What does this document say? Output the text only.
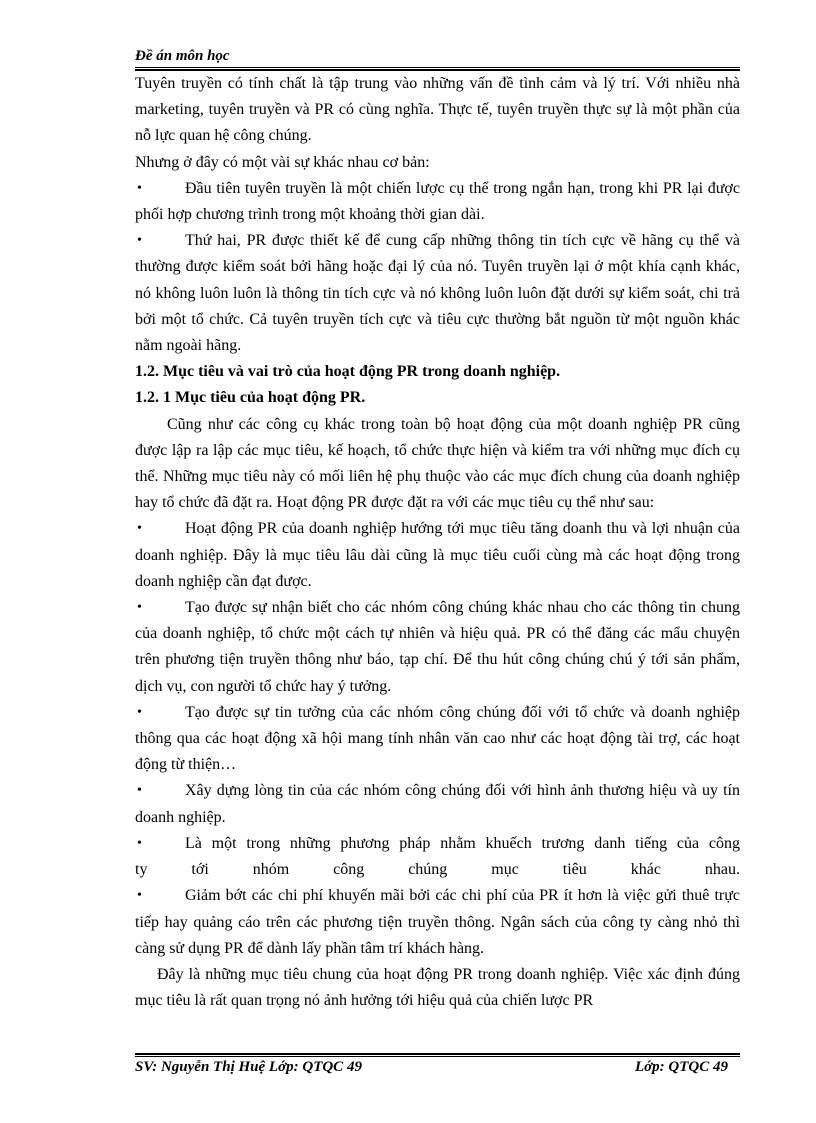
Đề án môn học

Tuyên truyền có tính chất là tập trung vào những vấn đề tình cảm và lý trí. Với nhiều nhà marketing, tuyên truyền và PR có cùng nghĩa. Thực tế, tuyên truyền thực sự là một phần của nỗ lực quan hệ công chúng.

Nhưng ở đây có một vài sự khác nhau cơ bản:

•	Đầu tiên tuyên truyền là một chiến lược cụ thể trong ngắn hạn, trong khi PR lại được phối hợp chương trình trong một khoảng thời gian dài.

•	Thứ hai, PR được thiết kế để cung cấp những thông tin tích cực về hãng cụ thể và thường được kiểm soát bởi hãng hoặc đại lý của nó. Tuyên truyền lại ở một khía cạnh khác, nó không luôn luôn là thông tin tích cực và nó không luôn luôn đặt dưới sự kiểm soát, chi trả bởi một tổ chức. Cả tuyên truyền tích cực và tiêu cực thường bắt nguồn từ một nguồn khác nằm ngoài hãng.

1.2. Mục tiêu và vai trò của hoạt động PR trong doanh nghiệp.

1.2. 1 Mục tiêu của hoạt động PR.

Cũng như các công cụ khác trong toàn bộ hoạt động của một doanh nghiệp PR cũng được lập ra lập các mục tiêu, kế hoạch, tổ chức thực hiện và kiểm tra với những mục đích cụ thể. Những mục tiêu này có mối liên hệ phụ thuộc vào các mục đích chung của doanh nghiệp hay tổ chức đã đặt ra. Hoạt động PR được đặt ra với các mục tiêu cụ thể như sau:

•	Hoạt động PR của doanh nghiệp hướng tới mục tiêu tăng doanh thu và lợi nhuận của doanh nghiệp. Đây là mục tiêu lâu dài cũng là mục tiêu cuối cùng mà các hoạt động trong doanh nghiệp cần đạt được.

•	Tạo được sự nhận biết cho các nhóm công chúng khác nhau cho các thông tin chung của doanh nghiệp, tổ chức một cách tự nhiên và hiệu quả. PR có thể đăng các mẩu chuyện trên phương tiện truyền thông như báo, tạp chí. Để thu hút công chúng chú ý tới sản phẩm, dịch vụ, con người tổ chức hay ý tưởng.

•	Tạo được sự tin tưởng của các nhóm công chúng đối với tổ chức và doanh nghiệp thông qua các hoạt động xã hội mang tính nhân văn cao như các hoạt động tài trợ, các hoạt động từ thiện…

•	Xây dựng lòng tin của các nhóm công chúng đối với hình ảnh thương hiệu và uy tín doanh nghiệp.

•	Là một trong những phương pháp nhằm khuếch trương danh tiếng của công

ty tới nhóm công chúng mục tiêu khác nhau.

•	Giảm bớt các chi phí khuyến mãi bởi các chi phí của PR ít hơn là việc gửi thuê trực tiếp hay quảng cáo trên các phương tiện truyền thông. Ngân sách của công ty càng nhỏ thì càng sử dụng PR để dành lấy phần tâm trí khách hàng.

Đây là những mục tiêu chung của hoạt động PR trong doanh nghiệp. Việc xác định đúng mục tiêu là rất quan trọng nó ảnh hưởng tới hiệu quả của chiến lược PR

SV: Nguyễn Thị Huệ Lớp: QTQC 49	Lớp: QTQC 49
